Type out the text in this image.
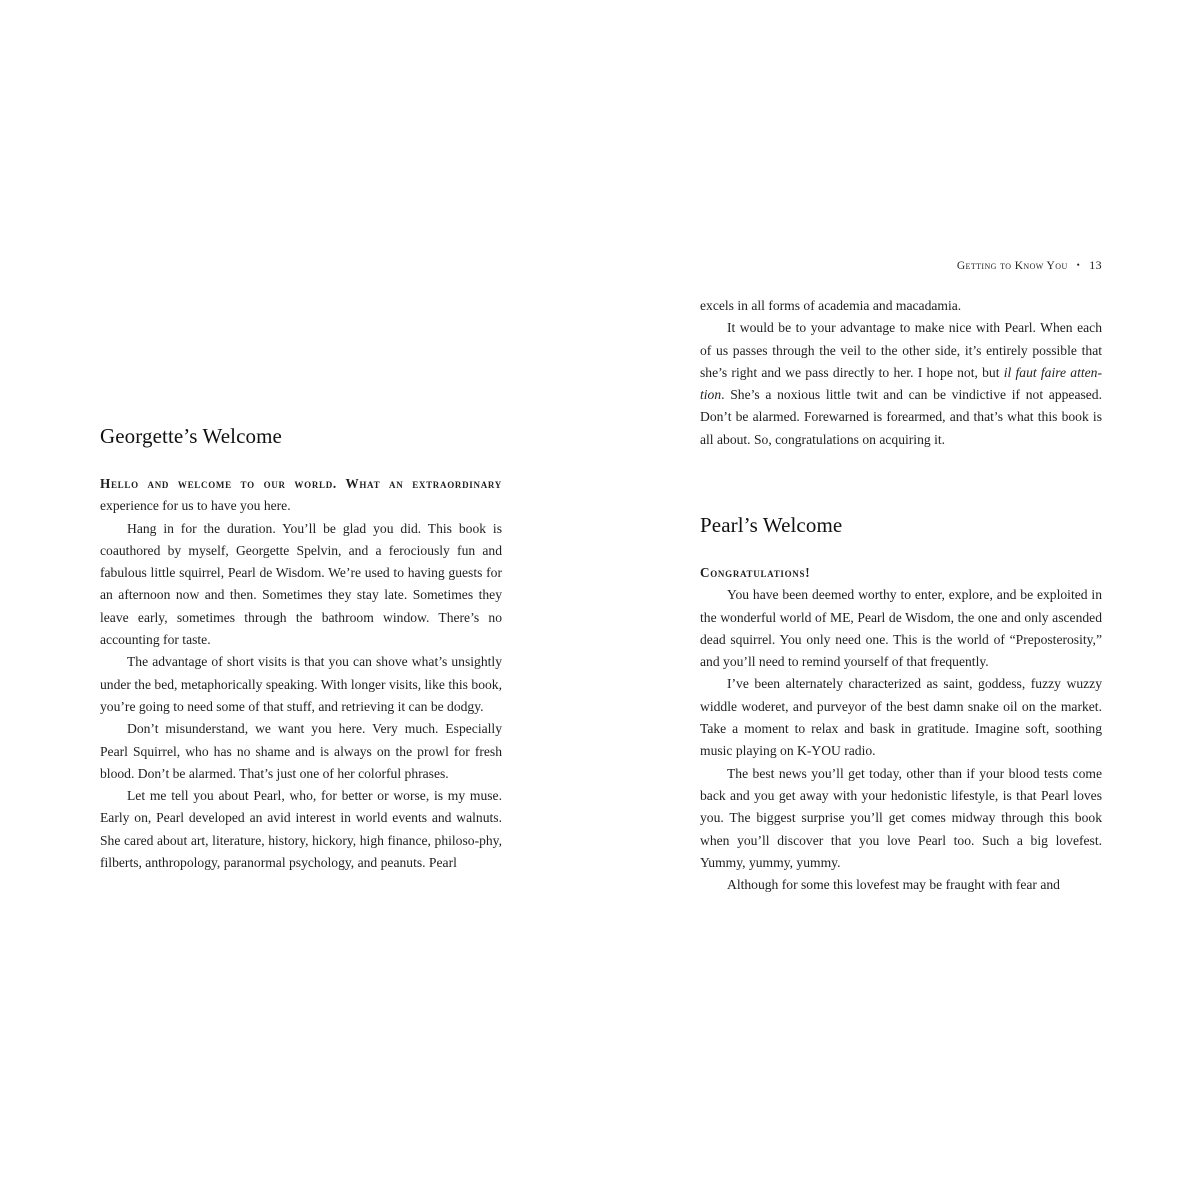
Getting to Know You • 13
Georgette’s Welcome

Hello and welcome to our world. What an extraordinary experience for us to have you here.

Hang in for the duration. You’ll be glad you did. This book is coauthored by myself, Georgette Spelvin, and a ferociously fun and fabulous little squirrel, Pearl de Wisdom. We’re used to having guests for an afternoon now and then. Sometimes they stay late. Sometimes they leave early, sometimes through the bathroom window. There’s no accounting for taste.

The advantage of short visits is that you can shove what’s unsightly under the bed, metaphorically speaking. With longer visits, like this book, you’re going to need some of that stuff, and retrieving it can be dodgy.

Don’t misunderstand, we want you here. Very much. Especially Pearl Squirrel, who has no shame and is always on the prowl for fresh blood. Don’t be alarmed. That’s just one of her colorful phrases.

Let me tell you about Pearl, who, for better or worse, is my muse. Early on, Pearl developed an avid interest in world events and walnuts. She cared about art, literature, history, hickory, high finance, philoso-phy, filberts, anthropology, paranormal psychology, and peanuts. Pearl

excels in all forms of academia and macadamia.

It would be to your advantage to make nice with Pearl. When each of us passes through the veil to the other side, it’s entirely possible that she’s right and we pass directly to her. I hope not, but il faut faire atten-tion. She’s a noxious little twit and can be vindictive if not appeased. Don’t be alarmed. Forewarned is forearmed, and that’s what this book is all about. So, congratulations on acquiring it.

Pearl’s Welcome

Congratulations!

You have been deemed worthy to enter, explore, and be exploited in the wonderful world of ME, Pearl de Wisdom, the one and only ascended dead squirrel. You only need one. This is the world of “Preposterosity,” and you’ll need to remind yourself of that frequently.

I’ve been alternately characterized as saint, goddess, fuzzy wuzzy widdle woderet, and purveyor of the best damn snake oil on the market. Take a moment to relax and bask in gratitude. Imagine soft, soothing music playing on K-YOU radio.

The best news you’ll get today, other than if your blood tests come back and you get away with your hedonistic lifestyle, is that Pearl loves you. The biggest surprise you’ll get comes midway through this book when you’ll discover that you love Pearl too. Such a big lovefest. Yummy, yummy, yummy.

Although for some this lovefest may be fraught with fear and
